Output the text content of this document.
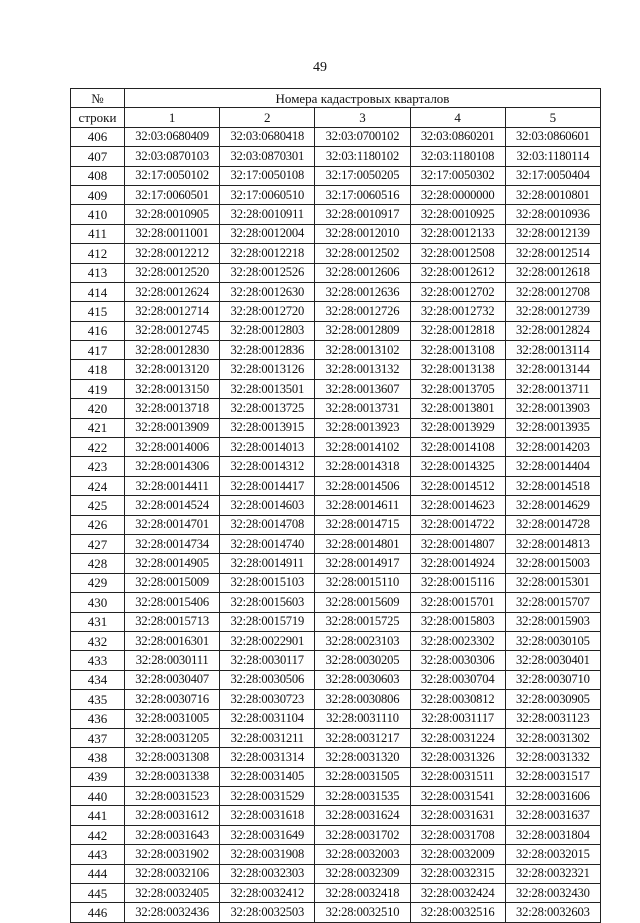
49
№	Номера кадастровых кварталов				
строки	1	2	3	4	5
406	32:03:0680409	32:03:0680418	32:03:0700102	32:03:0860201	32:03:0860601
407	32:03:0870103	32:03:0870301	32:03:1180102	32:03:1180108	32:03:1180114
408	32:17:0050102	32:17:0050108	32:17:0050205	32:17:0050302	32:17:0050404
409	32:17:0060501	32:17:0060510	32:17:0060516	32:28:0000000	32:28:0010801
410	32:28:0010905	32:28:0010911	32:28:0010917	32:28:0010925	32:28:0010936
411	32:28:0011001	32:28:0012004	32:28:0012010	32:28:0012133	32:28:0012139
412	32:28:0012212	32:28:0012218	32:28:0012502	32:28:0012508	32:28:0012514
413	32:28:0012520	32:28:0012526	32:28:0012606	32:28:0012612	32:28:0012618
414	32:28:0012624	32:28:0012630	32:28:0012636	32:28:0012702	32:28:0012708
415	32:28:0012714	32:28:0012720	32:28:0012726	32:28:0012732	32:28:0012739
416	32:28:0012745	32:28:0012803	32:28:0012809	32:28:0012818	32:28:0012824
417	32:28:0012830	32:28:0012836	32:28:0013102	32:28:0013108	32:28:0013114
418	32:28:0013120	32:28:0013126	32:28:0013132	32:28:0013138	32:28:0013144
419	32:28:0013150	32:28:0013501	32:28:0013607	32:28:0013705	32:28:0013711
420	32:28:0013718	32:28:0013725	32:28:0013731	32:28:0013801	32:28:0013903
421	32:28:0013909	32:28:0013915	32:28:0013923	32:28:0013929	32:28:0013935
422	32:28:0014006	32:28:0014013	32:28:0014102	32:28:0014108	32:28:0014203
423	32:28:0014306	32:28:0014312	32:28:0014318	32:28:0014325	32:28:0014404
424	32:28:0014411	32:28:0014417	32:28:0014506	32:28:0014512	32:28:0014518
425	32:28:0014524	32:28:0014603	32:28:0014611	32:28:0014623	32:28:0014629
426	32:28:0014701	32:28:0014708	32:28:0014715	32:28:0014722	32:28:0014728
427	32:28:0014734	32:28:0014740	32:28:0014801	32:28:0014807	32:28:0014813
428	32:28:0014905	32:28:0014911	32:28:0014917	32:28:0014924	32:28:0015003
429	32:28:0015009	32:28:0015103	32:28:0015110	32:28:0015116	32:28:0015301
430	32:28:0015406	32:28:0015603	32:28:0015609	32:28:0015701	32:28:0015707
431	32:28:0015713	32:28:0015719	32:28:0015725	32:28:0015803	32:28:0015903
432	32:28:0016301	32:28:0022901	32:28:0023103	32:28:0023302	32:28:0030105
433	32:28:0030111	32:28:0030117	32:28:0030205	32:28:0030306	32:28:0030401
434	32:28:0030407	32:28:0030506	32:28:0030603	32:28:0030704	32:28:0030710
435	32:28:0030716	32:28:0030723	32:28:0030806	32:28:0030812	32:28:0030905
436	32:28:0031005	32:28:0031104	32:28:0031110	32:28:0031117	32:28:0031123
437	32:28:0031205	32:28:0031211	32:28:0031217	32:28:0031224	32:28:0031302
438	32:28:0031308	32:28:0031314	32:28:0031320	32:28:0031326	32:28:0031332
439	32:28:0031338	32:28:0031405	32:28:0031505	32:28:0031511	32:28:0031517
440	32:28:0031523	32:28:0031529	32:28:0031535	32:28:0031541	32:28:0031606
441	32:28:0031612	32:28:0031618	32:28:0031624	32:28:0031631	32:28:0031637
442	32:28:0031643	32:28:0031649	32:28:0031702	32:28:0031708	32:28:0031804
443	32:28:0031902	32:28:0031908	32:28:0032003	32:28:0032009	32:28:0032015
444	32:28:0032106	32:28:0032303	32:28:0032309	32:28:0032315	32:28:0032321
445	32:28:0032405	32:28:0032412	32:28:0032418	32:28:0032424	32:28:0032430
446	32:28:0032436	32:28:0032503	32:28:0032510	32:28:0032516	32:28:0032603
